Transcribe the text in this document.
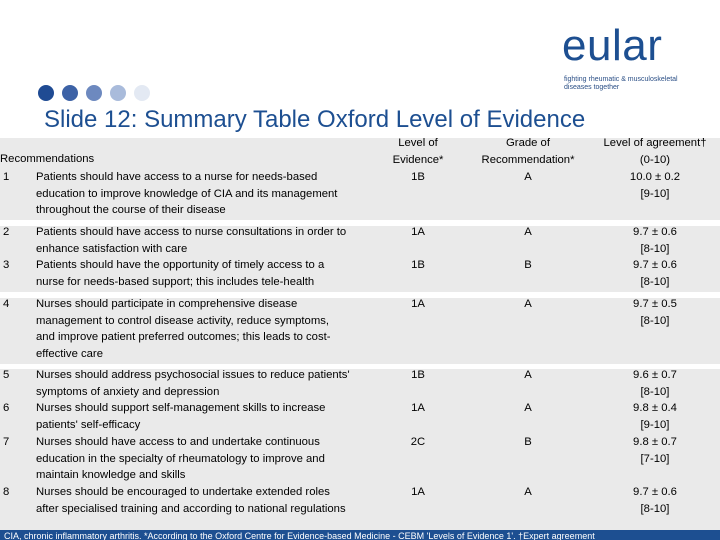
eular
fighting rheumatic & musculoskeletal diseases together
Slide 12: Summary Table Oxford Level of Evidence
Recommendations
Level of
Evidence*
Grade of
Recommendation*
Level of agreement†
(0-10)
1 Patients should have access to a nurse for needs-based
education to improve knowledge of CIA and its management
throughout the course of their disease
1B	A	10.0 ± 0.2
[9-10]
2 Patients should have access to nurse consultations in order to
enhance satisfaction with care
1A	A	9.7 ± 0.6
[8-10]
3 Patients should have the opportunity of timely access to a
nurse for needs-based support; this includes tele-health
1B	B	9.7 ± 0.6
[8-10]
4 Nurses should participate in comprehensive disease
management to control disease activity, reduce symptoms,
and improve patient preferred outcomes; this leads to cost-
effective care
1A	A	9.7 ± 0.5
[8-10]
5 Nurses should address psychosocial issues to reduce patients'
symptoms of anxiety and depression
1B	A	9.6 ± 0.7
[8-10]
6 Nurses should support self-management skills to increase
patients' self-efficacy
1A	A	9.8 ± 0.4
[9-10]
7 Nurses should have access to and undertake continuous
education in the specialty of rheumatology to improve and
maintain knowledge and skills
2C	B	9.8 ± 0.7
[7-10]
8 Nurses should be encouraged to undertake extended roles
after specialised training and according to national regulations
1A	A	9.7 ± 0.6
[8-10]
CIA, chronic inflammatory arthritis. *According to the Oxford Centre for Evidence-based Medicine - CEBM 'Levels of Evidence 1'. †Expert agreement
